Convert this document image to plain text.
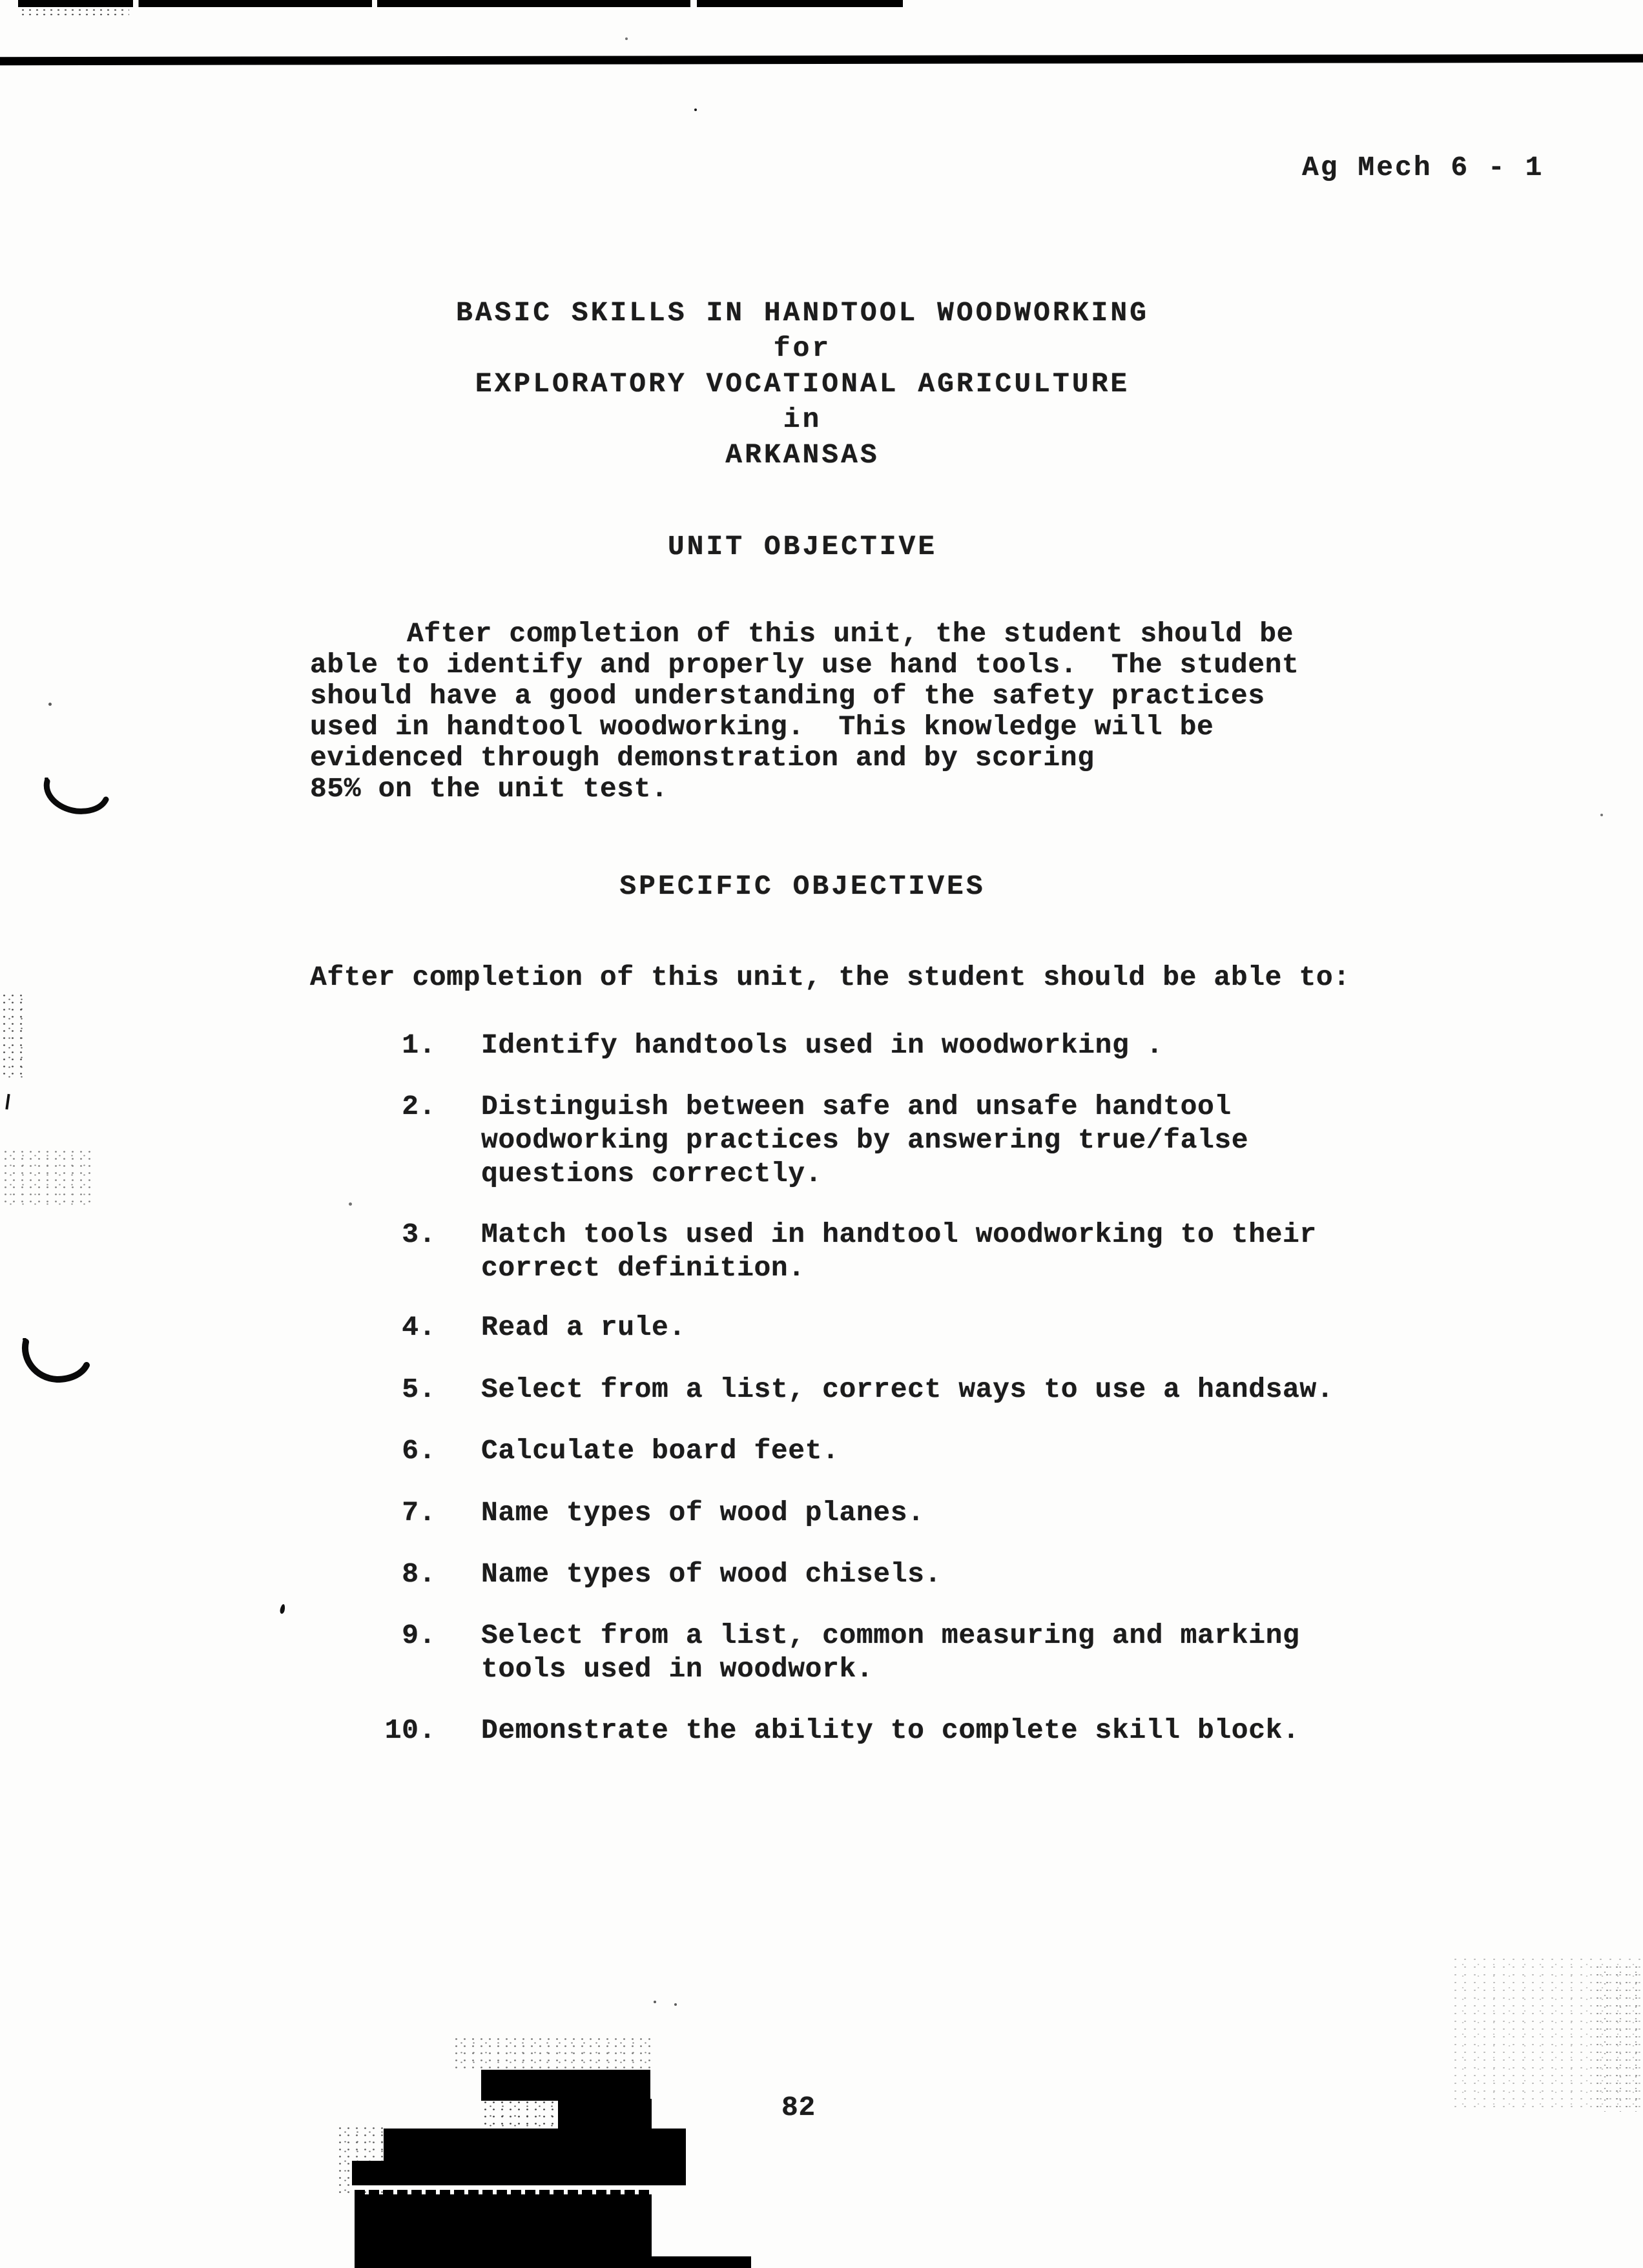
Ag Mech 6 - 1
BASIC SKILLS IN HANDTOOL WOODWORKING
for
EXPLORATORY VOCATIONAL AGRICULTURE
in
ARKANSAS
UNIT OBJECTIVE
After completion of this unit, the student should be
able to identify and properly use hand tools.  The student
should have a good understanding of the safety practices
used in handtool woodworking.  This knowledge will be
evidenced through demonstration and by scoring
85% on the unit test.
SPECIFIC OBJECTIVES
After completion of this unit, the student should be able to:
1. Identify handtools used in woodworking .
2. Distinguish between safe and unsafe handtool
woodworking practices by answering true/false
questions correctly.
3. Match tools used in handtool woodworking to their
correct definition.
4. Read a rule.
5. Select from a list, correct ways to use a handsaw.
6. Calculate board feet.
7. Name types of wood planes.
8. Name types of wood chisels.
9. Select from a list, common measuring and marking
tools used in woodwork.
10. Demonstrate the ability to complete skill block.
82
